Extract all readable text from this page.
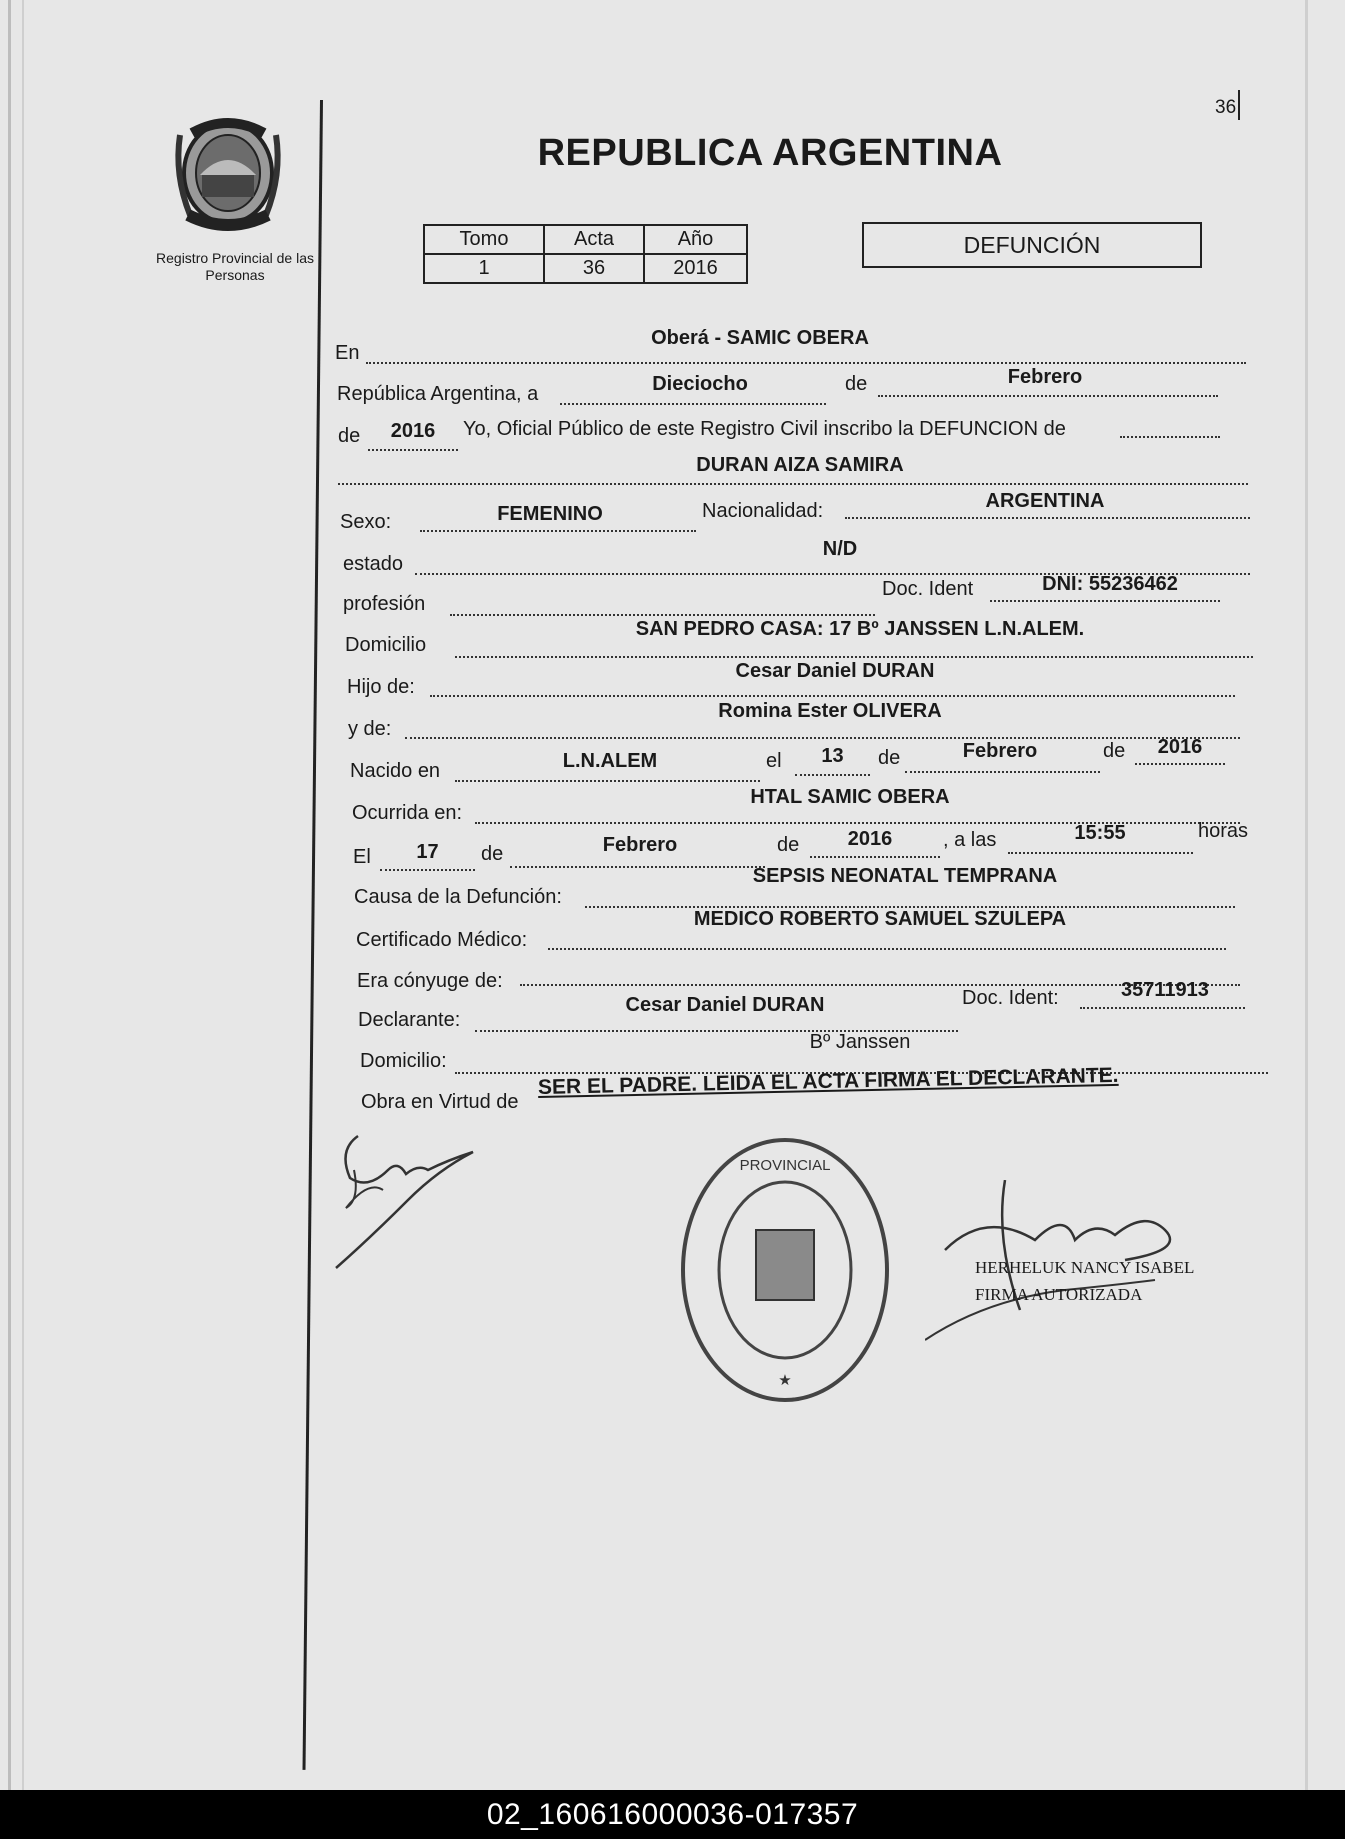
36
Registro Provincial de las Personas
REPUBLICA ARGENTINA
Tomo	Acta	Año
1	36	2016
DEFUNCIÓN
En
Oberá - SAMIC OBERA
República Argentina, a	Dieciocho	de	Febrero
de	2016	Yo, Oficial Público de este Registro Civil inscribo la DEFUNCION de
DURAN AIZA SAMIRA
Sexo:	FEMENINO	Nacionalidad:	ARGENTINA
estado
N/D
profesión
Doc. Ident	DNI: 55236462
Domicilio
SAN PEDRO CASA: 17 Bº JANSSEN L.N.ALEM.
Hijo de:
Cesar Daniel DURAN
y de:
Romina Ester OLIVERA
Nacido en	L.N.ALEM	el	13	de	Febrero	de	2016
Ocurrida en:
HTAL SAMIC OBERA
El	17	de	Febrero	de	2016	, a las	15:55	horas
Causa de la Defunción:
SEPSIS NEONATAL TEMPRANA
Certificado Médico:
MEDICO ROBERTO SAMUEL SZULEPA
Era cónyuge de:
Declarante:
Cesar Daniel DURAN	Doc. Ident:	35711913
Domicilio:
Bº Janssen
Obra en Virtud de
SER EL PADRE. LEIDA EL ACTA FIRMA EL DECLARANTE.
PROVINCIAL
★
HERHELUK NANCY ISABEL
FIRMA AUTORIZADA
02_160616000036-017357
